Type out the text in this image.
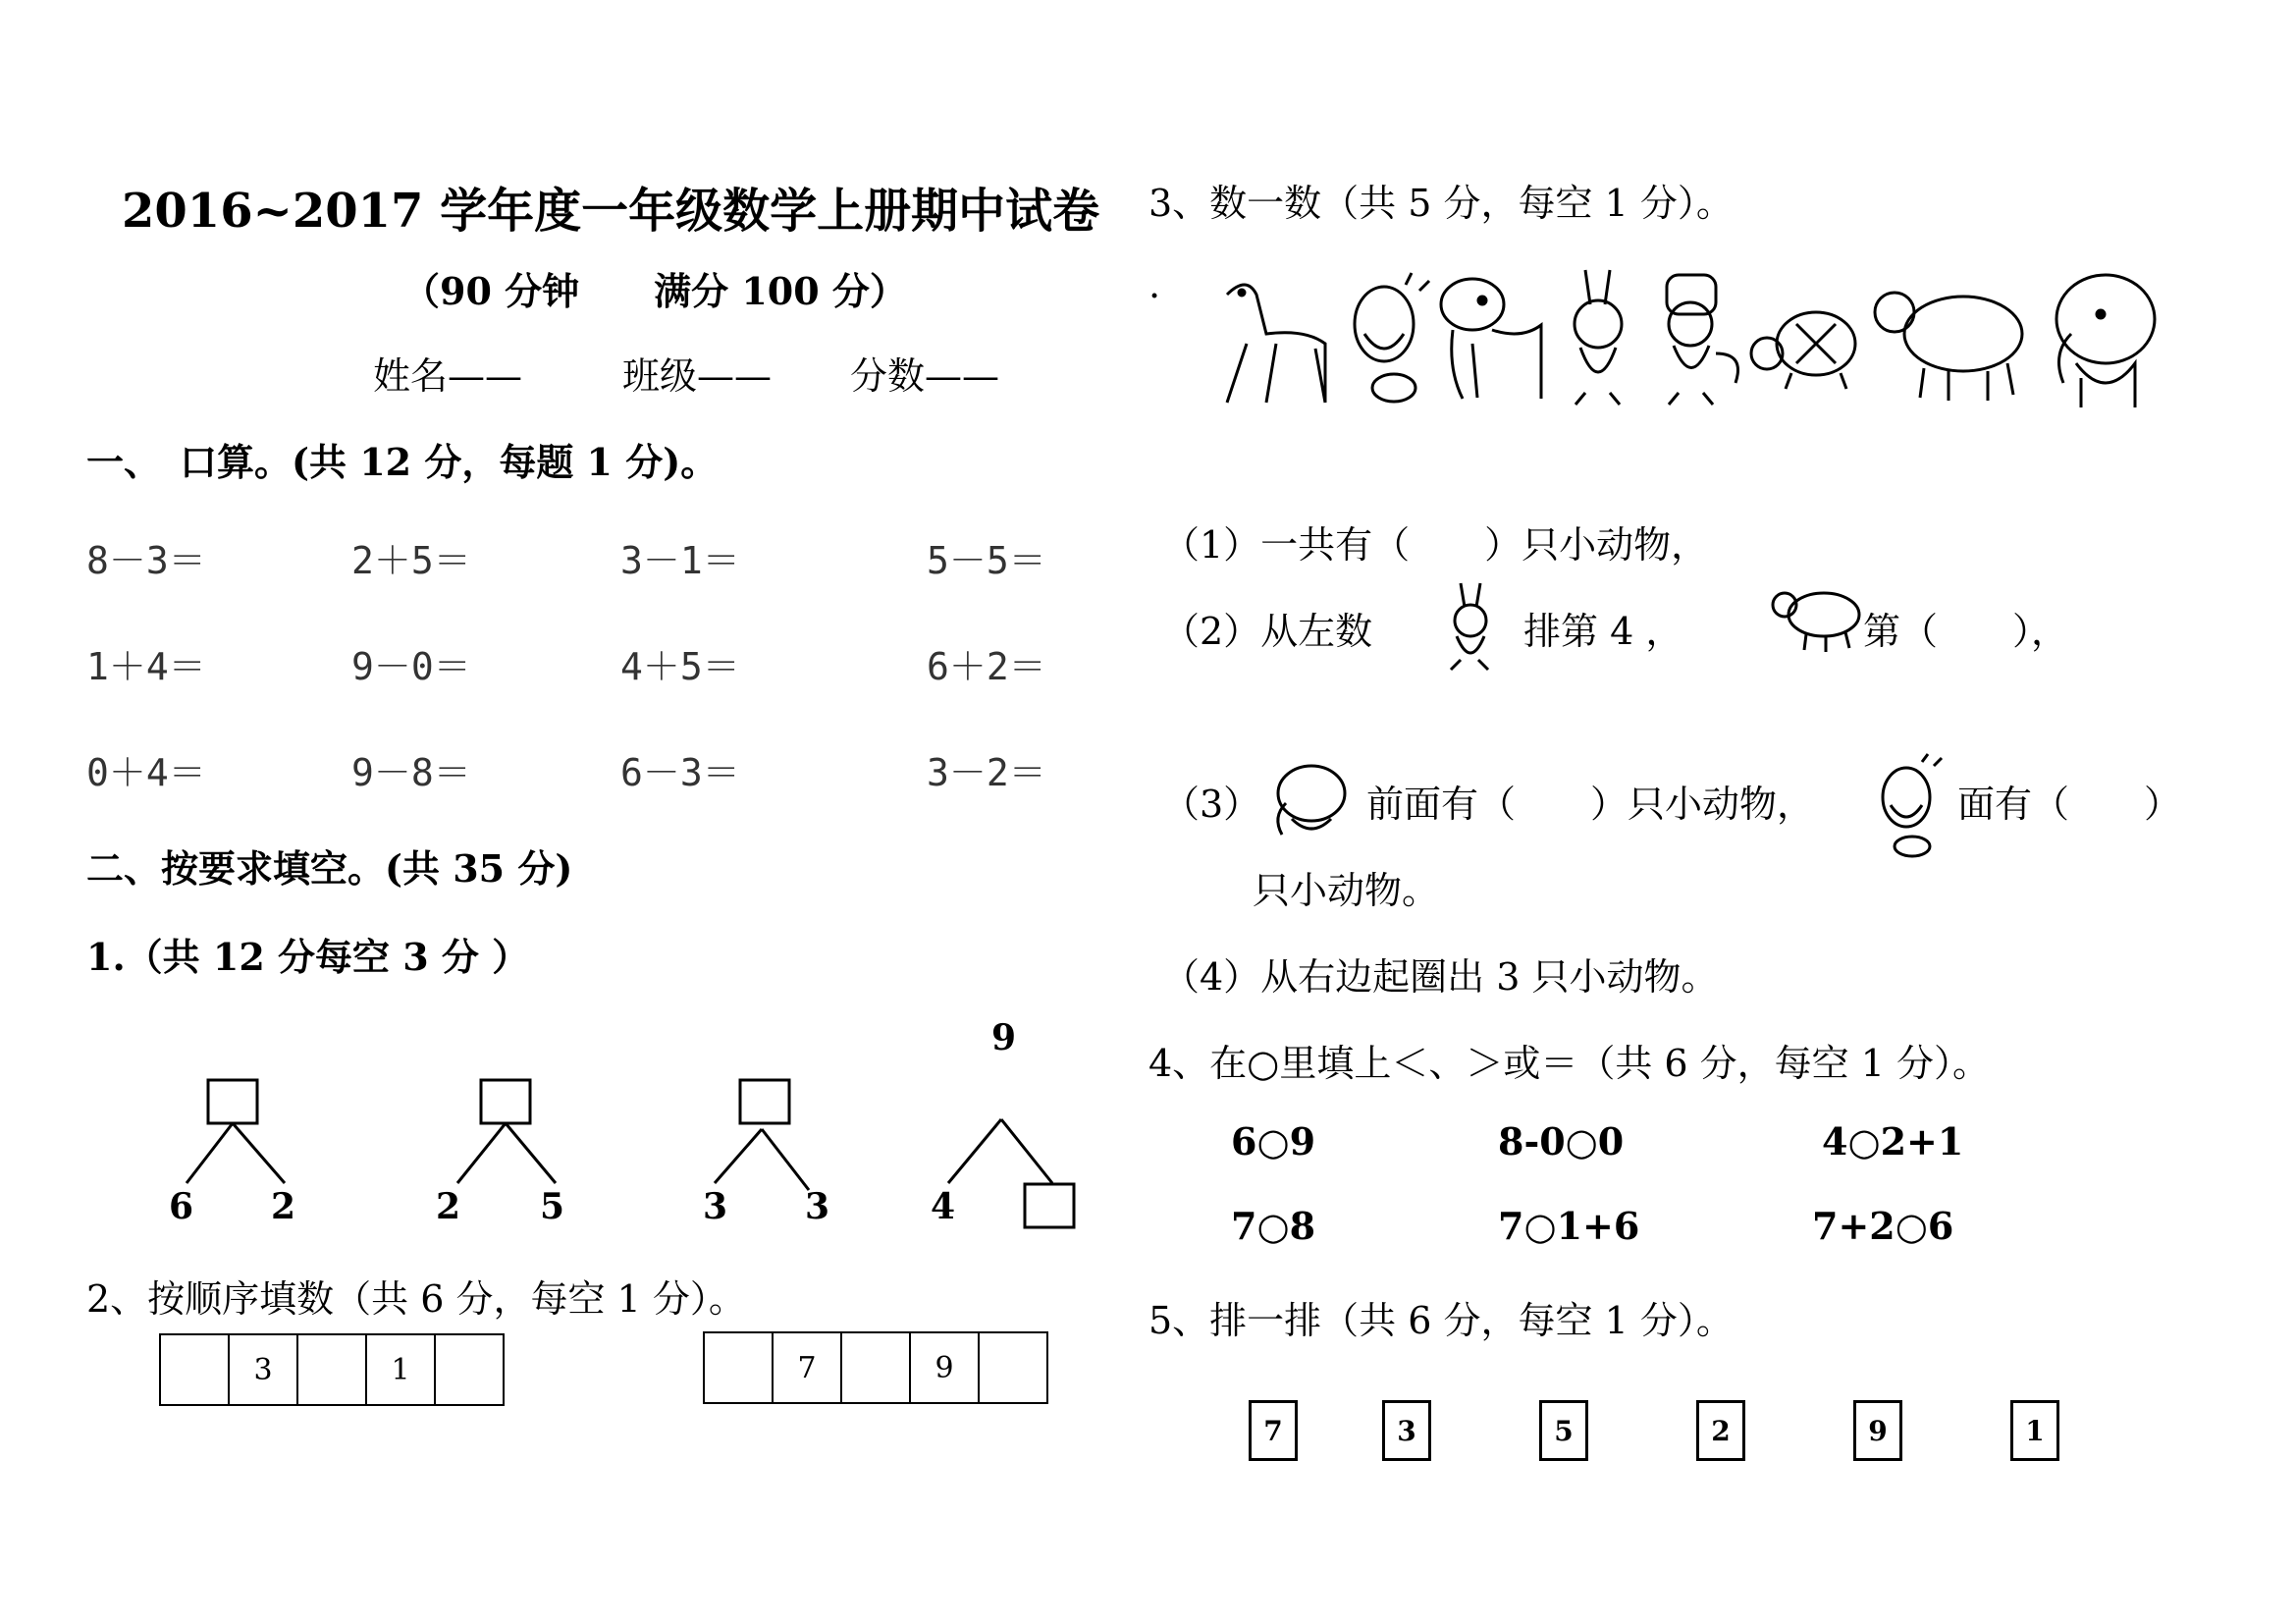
2016~2017 学年度一年级数学上册期中试卷
（90 分钟　　满分 100 分）
姓名——	班级—— 分数——
一、　口算。(共 12 分，每题 1 分)。
8－3＝	2＋5＝	3－1＝	5－5＝
1＋4＝	9－0＝	4＋5＝	6＋2＝
0＋4＝	9－8＝	6－3＝	3－2＝
二、按要求填空。(共 35 分)
1.（共 12 分每空 3 分 ）
9
6 2	2 5	3 3	4
2、按顺序填数（共 6 分，每空 1 分）。
3	1	7	9
3、数一数（共 5 分，每空 1 分）。
.
（1）一共有（　　）只小动物，
（2）从左数	排第 4 ，	第（　　），
（3）	前面有（　　）只小动物，	面有（　　）
只小动物。
（4）从右边起圈出 3 只小动物。
4、在○里填上＜、＞或＝（共 6 分，每空 1 分）。
6○9	8-0○0	4○2+1
7○8	7○1+6	7+2○6
5、排一排（共 6 分，每空 1 分）。
7	3	5	2	9	1
